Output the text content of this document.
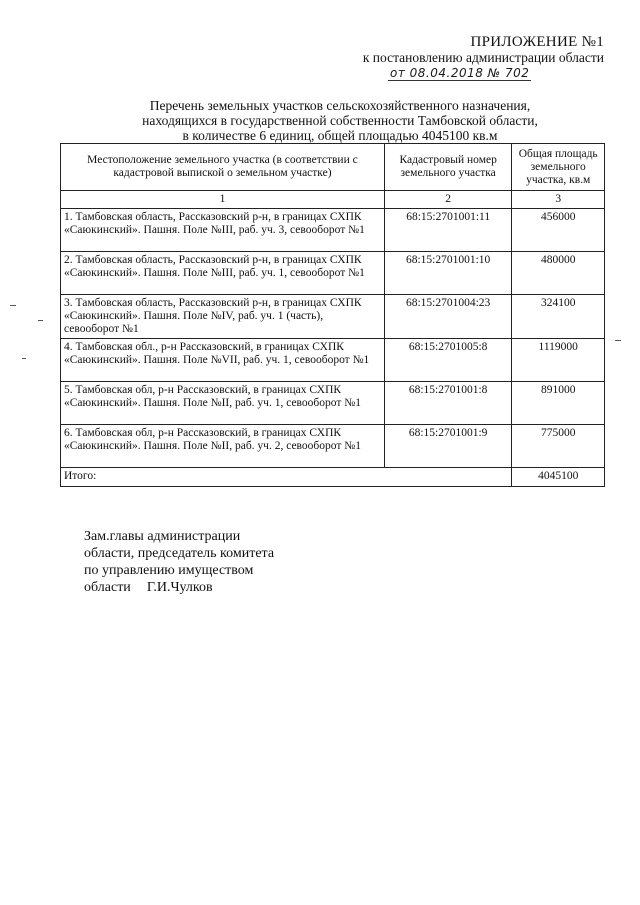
ПРИЛОЖЕНИЕ №1
к постановлению администрации области
от 08.04.2018 № 702
Перечень земельных участков сельскохозяйственного назначения,
находящихся в государственной собственности Тамбовской области,
в количестве 6 единиц, общей площадью 4045100 кв.м
Местоположение земельного участка (в соответствии с кадастровой выпиской о земельном участке)	Кадастровый номер земельного участка	Общая площадь земельного участка, кв.м
1	2	3
1. Тамбовская область, Рассказовский р-н, в границах СХПК «Саюкинский». Пашня. Поле №III, раб. уч. 3, севооборот №1	68:15:2701001:11	456000
2. Тамбовская область, Рассказовский р-н, в границах СХПК «Саюкинский». Пашня. Поле №III, раб. уч. 1, севооборот №1	68:15:2701001:10	480000
3. Тамбовская область, Рассказовский р-н, в границах СХПК «Саюкинский». Пашня. Поле №IV, раб. уч. 1 (часть), севооборот №1	68:15:2701004:23	324100
4. Тамбовская обл., р-н Рассказовский, в границах СХПК «Саюкинский». Пашня. Поле №VII, раб. уч. 1, севооборот №1	68:15:2701005:8	1119000
5. Тамбовская обл, р-н Рассказовский, в границах СХПК «Саюкинский». Пашня. Поле №II, раб. уч. 1, севооборот №1	68:15:2701001:8	891000
6. Тамбовская обл, р-н Рассказовский, в границах СХПК «Саюкинский». Пашня. Поле №II, раб. уч. 2, севооборот №1	68:15:2701001:9	775000
Итого:		4045100
Зам.главы администрации
области, председатель комитета
по управлению имуществом
области Г.И.Чулков
